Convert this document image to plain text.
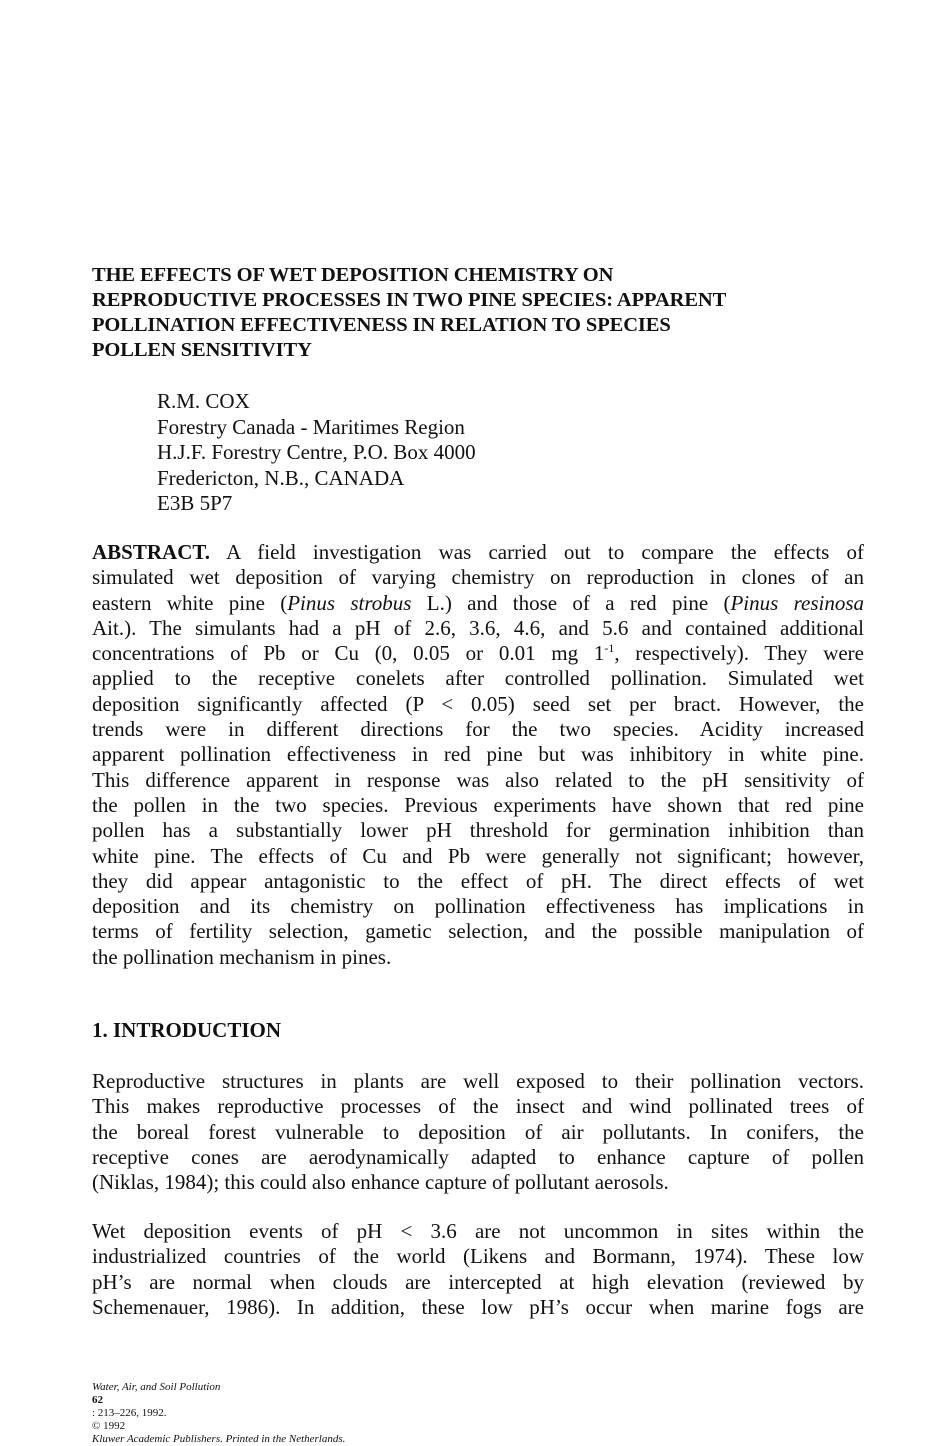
THE EFFECTS OF WET DEPOSITION CHEMISTRY ON
REPRODUCTIVE PROCESSES IN TWO PINE SPECIES: APPARENT
POLLINATION EFFECTIVENESS IN RELATION TO SPECIES
POLLEN SENSITIVITY
R.M. COX
Forestry Canada - Maritimes Region
H.J.F. Forestry Centre, P.O. Box 4000
Fredericton, N.B., CANADA
E3B 5P7
ABSTRACT. A field investigation was carried out to compare the effects of
simulated wet deposition of varying chemistry on reproduction in clones of an
eastern white pine (Pinus strobus L.) and those of a red pine (Pinus resinosa
Ait.). The simulants had a pH of 2.6, 3.6, 4.6, and 5.6 and contained additional
concentrations of Pb or Cu (0, 0.05 or 0.01 mg $1^{-1}$, respectively). They were
applied to the receptive conelets after controlled pollination. Simulated wet
deposition significantly affected (P < 0.05) seed set per bract. However, the
trends were in different directions for the two species. Acidity increased
apparent pollination effectiveness in red pine but was inhibitory in white pine.
This difference apparent in response was also related to the pH sensitivity of
the pollen in the two species. Previous experiments have shown that red pine
pollen has a substantially lower pH threshold for germination inhibition than
white pine. The effects of Cu and Pb were generally not significant; however,
they did appear antagonistic to the effect of pH. The direct effects of wet
deposition and its chemistry on pollination effectiveness has implications in
terms of fertility selection, gametic selection, and the possible manipulation of
the pollination mechanism in pines.
1. INTRODUCTION
Reproductive structures in plants are well exposed to their pollination vectors.
This makes reproductive processes of the insect and wind pollinated trees of
the boreal forest vulnerable to deposition of air pollutants. In conifers, the
receptive cones are aerodynamically adapted to enhance capture of pollen
(Niklas, 1984); this could also enhance capture of pollutant aerosols.
Wet deposition events of pH < 3.6 are not uncommon in sites within the
industrialized countries of the world (Likens and Bormann, 1974). These low
pH’s are normal when clouds are intercepted at high elevation (reviewed by
Schemenauer, 1986). In addition, these low pH’s occur when marine fogs are
Water, Air, and Soil Pollution
62
: 213–226, 1992.
© 1992
Kluwer Academic Publishers. Printed in the Netherlands.
